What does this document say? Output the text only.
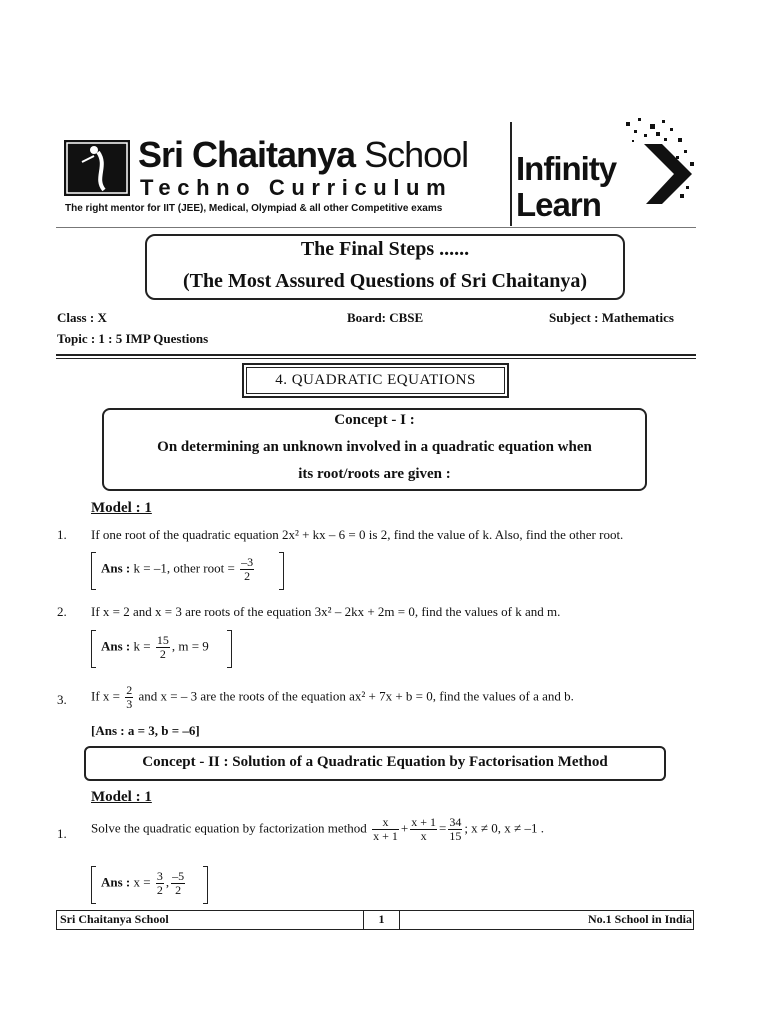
Sri Chaitanya School
Techno Curriculum
The right mentor for IIT (JEE), Medical, Olympiad & all other Competitive exams
Infinity
Learn
The Final Steps ......
(The Most Assured Questions of Sri Chaitanya)
Class : X	Board: CBSE	Subject : Mathematics
Topic : 1 : 5 IMP Questions
4. QUADRATIC EQUATIONS
Concept - I :
On determining an unknown involved in a quadratic equation when
its root/roots are given :
Model : 1
1. If one root of the quadratic equation 2x² + kx – 6 = 0 is 2, find the value of k. Also, find the other root.
Ans : k = –1, other root = $\frac{-3}{2}$
2. If x = 2 and x = 3 are roots of the equation 3x² – 2kx + 2m = 0, find the values of k and m.
Ans : $k = \frac{15}{2}$ , m = 9
3. If $x = \frac{2}{3}$ and x = – 3 are the roots of the equation ax² + 7x + b = 0, find the values of a and b.
[Ans : a = 3, b = –6]
Concept - II : Solution of a Quadratic Equation by Factorisation Method
Model : 1
1. Solve the quadratic equation by factorization method $\frac{x}{x + 1} + \frac{x + 1}{x} = \frac{34}{15}$ ; x ≠ 0, x ≠ –1 .
Ans : $x = \frac{3}{2}$ , $\frac{-5}{2}$
Sri Chaitanya School	1	No.1 School in India
